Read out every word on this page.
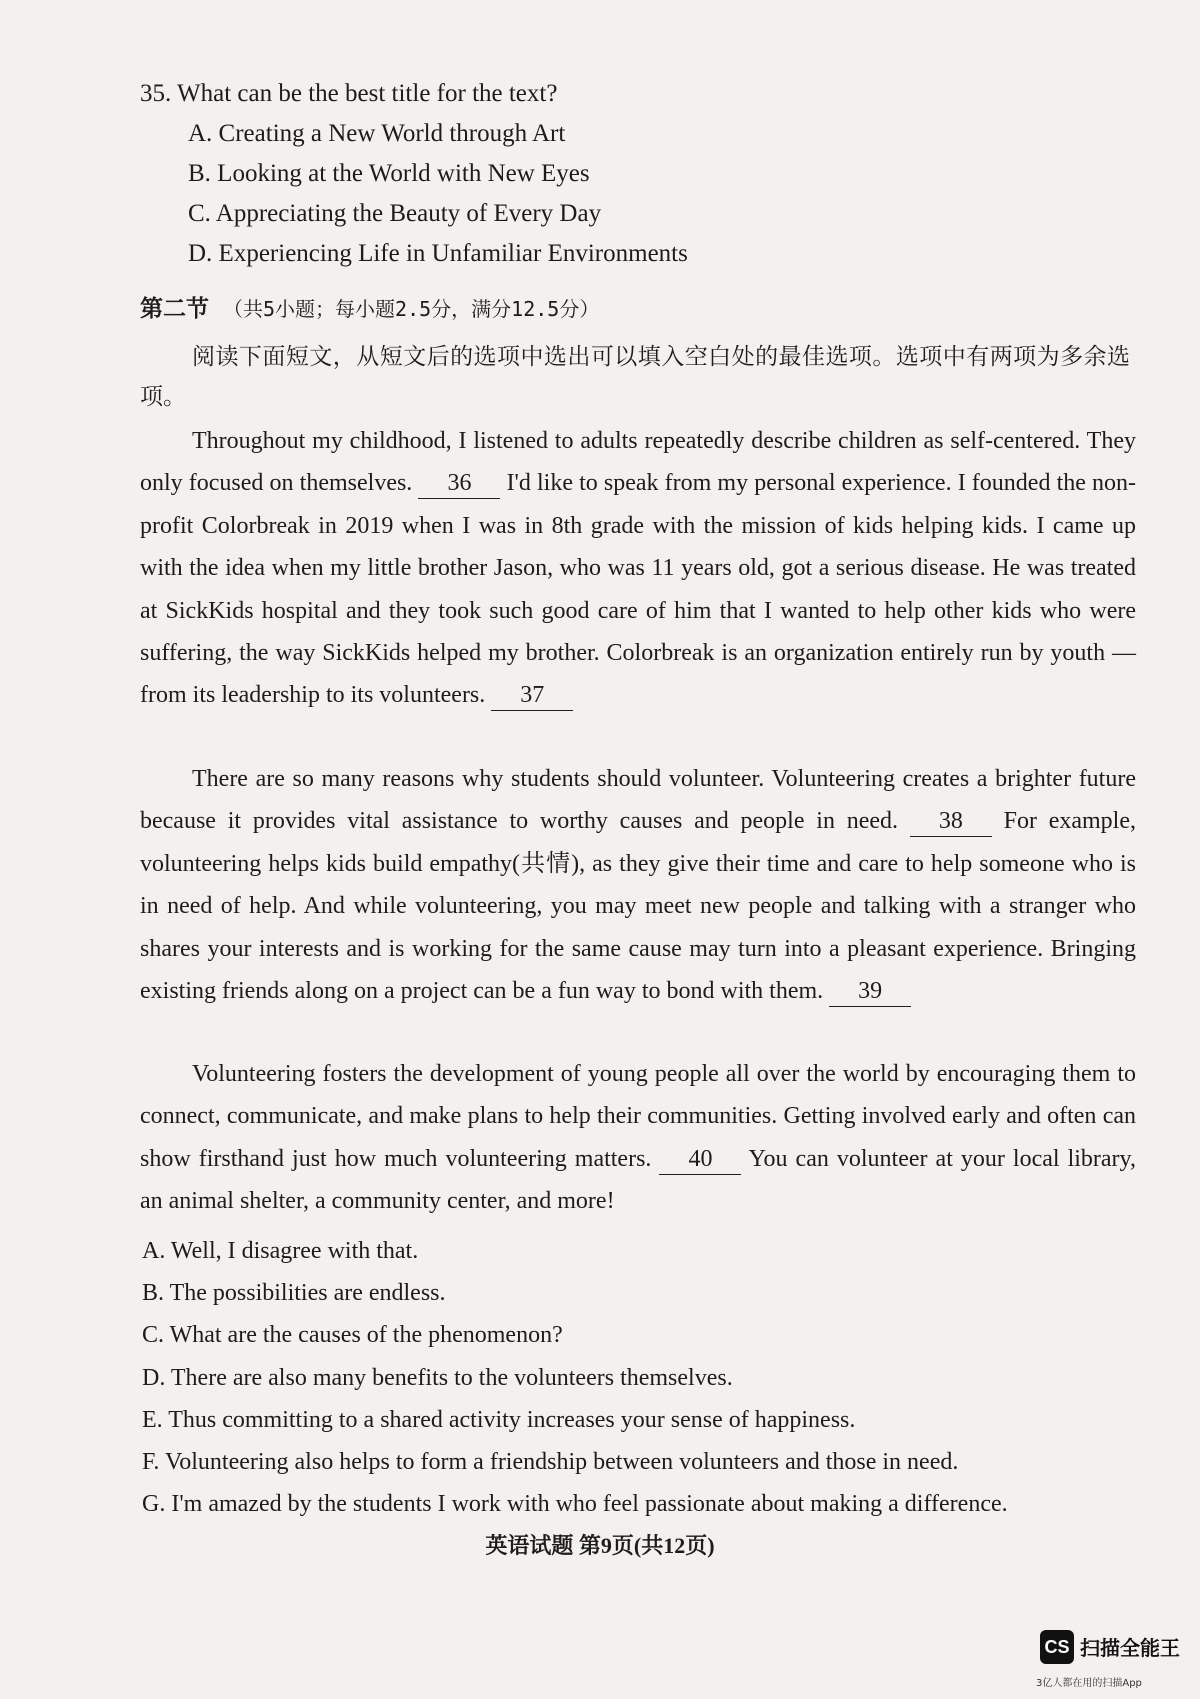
35. What can be the best title for the text?
A. Creating a New World through Art
B. Looking at the World with New Eyes
C. Appreciating the Beauty of Every Day
D. Experiencing Life in Unfamiliar Environments
第二节 （共5小题；每小题2.5分，满分12.5分）
阅读下面短文，从短文后的选项中选出可以填入空白处的最佳选项。选项中有两项为多余选项。

Throughout my childhood, I listened to adults repeatedly describe children as self-centered. They only focused on themselves. 36 I'd like to speak from my personal experience. I founded the non-profit Colorbreak in 2019 when I was in 8th grade with the mission of kids helping kids. I came up with the idea when my little brother Jason, who was 11 years old, got a serious disease. He was treated at SickKids hospital and they took such good care of him that I wanted to help other kids who were suffering, the way SickKids helped my brother. Colorbreak is an organization entirely run by youth — from its leadership to its volunteers. 37

There are so many reasons why students should volunteer. Volunteering creates a brighter future because it provides vital assistance to worthy causes and people in need. 38 For example, volunteering helps kids build empathy(共情), as they give their time and care to help someone who is in need of help. And while volunteering, you may meet new people and talking with a stranger who shares your interests and is working for the same cause may turn into a pleasant experience. Bringing existing friends along on a project can be a fun way to bond with them. 39

Volunteering fosters the development of young people all over the world by encouraging them to connect, communicate, and make plans to help their communities. Getting involved early and often can show firsthand just how much volunteering matters. 40 You can volunteer at your local library, an animal shelter, a community center, and more!

A. Well, I disagree with that.
B. The possibilities are endless.
C. What are the causes of the phenomenon?
D. There are also many benefits to the volunteers themselves.
E. Thus committing to a shared activity increases your sense of happiness.
F. Volunteering also helps to form a friendship between volunteers and those in need.
G. I'm amazed by the students I work with who feel passionate about making a difference.
英语试题 第9页(共12页)
CS 扫描全能王
3亿人都在用的扫描App
